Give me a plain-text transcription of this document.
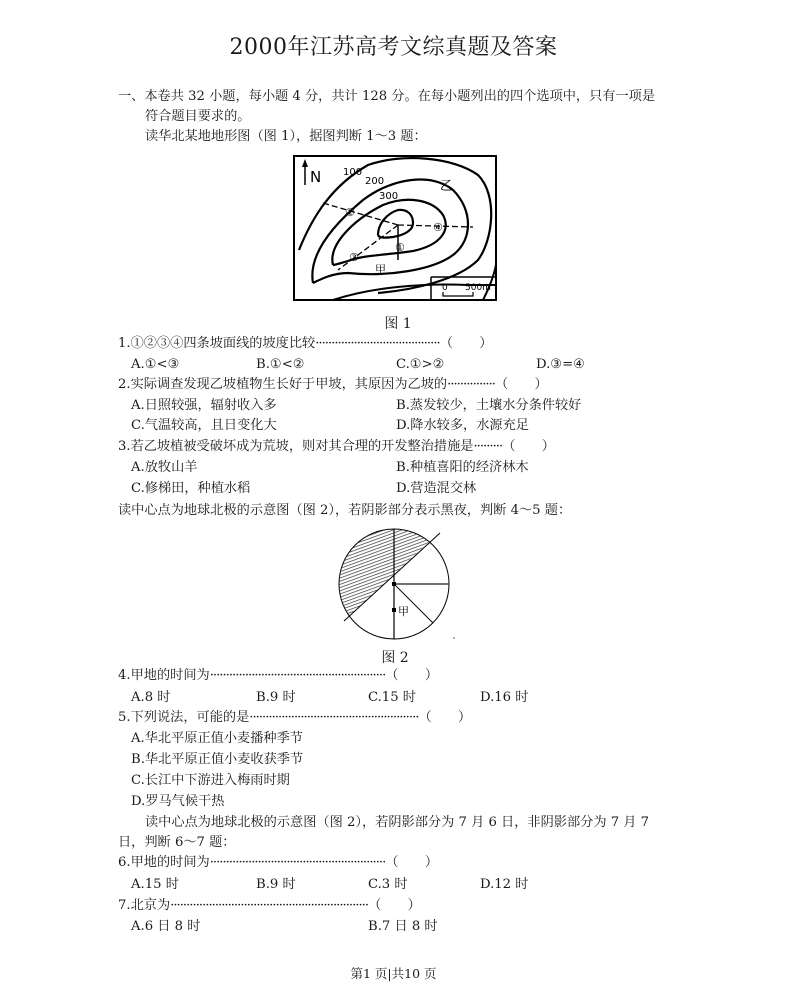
2000年江苏高考文综真题及答案
一、本卷共 32 小题，每小题 4 分，共计 128 分。在每小题列出的四个选项中，只有一项是
符合题目要求的。
读华北某地地形图（图 1），据图判断 1～3 题：
N 100
200
300
②
④
①
③
甲
乙
0 500m
图 1
1.①②③④四条坡面线的坡度比较·······································（　　）
A.①<③	B.①<②	C.①>②	D.③=④
2.实际调查发现乙坡植物生长好于甲坡，其原因为乙坡的···············（　　）
A.日照较强，辐射收入多	B.蒸发较少，土壤水分条件较好
C.气温较高，且日变化大	D.降水较多，水源充足
3.若乙坡植被受破坏成为荒坡，则对其合理的开发整治措施是·········（　　）
A.放牧山羊	B.种植喜阳的经济林木
C.修梯田，种植水稻	D.营造混交林
读中心点为地球北极的示意图（图 2），若阴影部分表示黑夜，判断 4～5 题：
甲
图 2
4.甲地的时间为·······················································（　　）
A.8 时	B.9 时	C.15 时	D.16 时
5.下列说法，可能的是·····················································（　　）
A.华北平原正值小麦播种季节
B.华北平原正值小麦收获季节
C.长江中下游进入梅雨时期
D.罗马气候干热
读中心点为地球北极的示意图（图 2），若阴影部分为 7 月 6 日，非阴影部分为 7 月 7
日，判断 6～7 题：
6.甲地的时间为·······················································（　　）
A.15 时	B.9 时	C.3 时	D.12 时
7.北京为······························································（　　）
A.6 日 8 时	B.7 日 8 时
第1 页|共10 页
